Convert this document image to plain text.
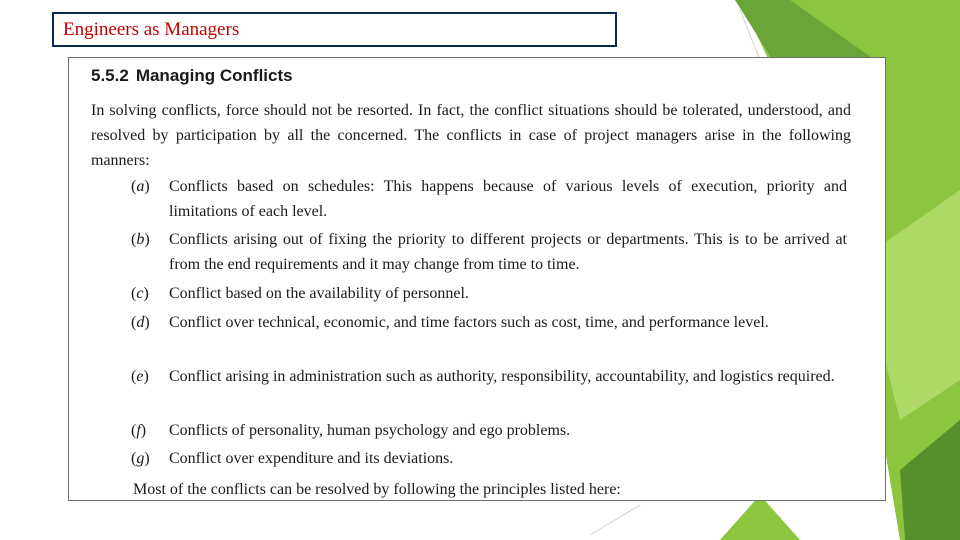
Engineers as Managers
5.5.2 Managing Conflicts
In solving conflicts, force should not be resorted. In fact, the conflict situations should be tolerated, understood, and resolved by participation by all the concerned. The conflicts in case of project managers arise in the following manners:
(a) Conflicts based on schedules: This happens because of various levels of execution, priority and limitations of each level.
(b) Conflicts arising out of fixing the priority to different projects or departments. This is to be arrived at from the end requirements and it may change from time to time.
(c) Conflict based on the availability of personnel.
(d) Conflict over technical, economic, and time factors such as cost, time, and performance level.
(e) Conflict arising in administration such as authority, responsibility, accountability, and logistics required.
(f) Conflicts of personality, human psychology and ego problems.
(g) Conflict over expenditure and its deviations.
Most of the conflicts can be resolved by following the principles listed here:
